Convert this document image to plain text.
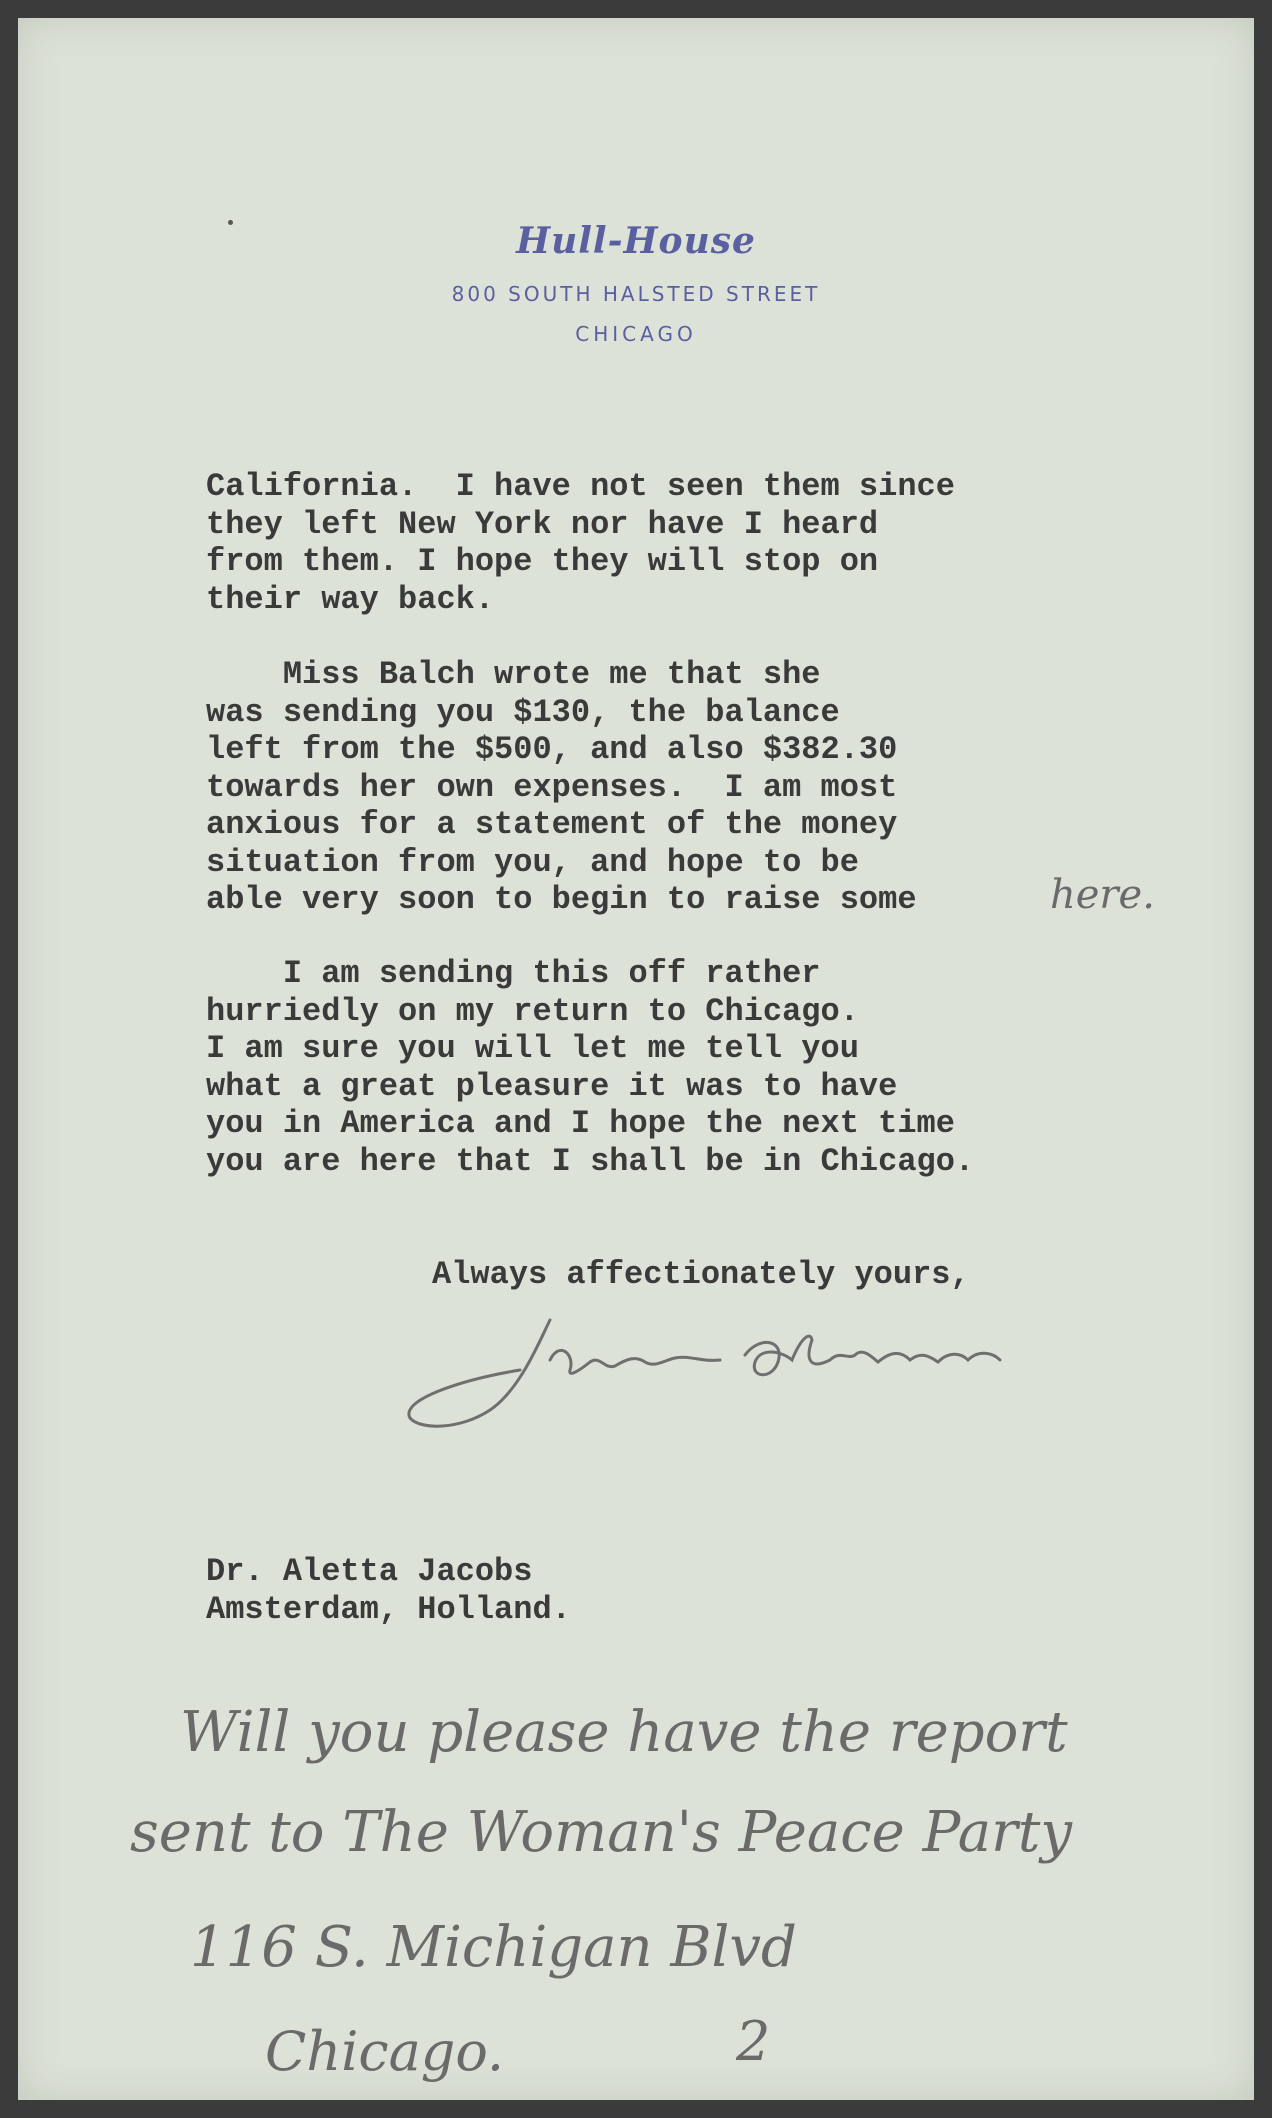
Hull-House
800 SOUTH HALSTED STREET
CHICAGO
California.  I have not seen them since
they left New York nor have I heard
from them. I hope they will stop on
their way back.
Miss Balch wrote me that she
was sending you $130, the balance
left from the $500, and also $382.30
towards her own expenses.  I am most
anxious for a statement of the money
situation from you, and hope to be
able very soon to begin to raise some	here.
I am sending this off rather
hurriedly on my return to Chicago.
I am sure you will let me tell you
what a great pleasure it was to have
you in America and I hope the next time
you are here that I shall be in Chicago.
Always affectionately yours,
Dr. Aletta Jacobs
Amsterdam, Holland.
Will you please have the report
sent to The Woman's Peace Party
116 S. Michigan Blvd
Chicago.	2
